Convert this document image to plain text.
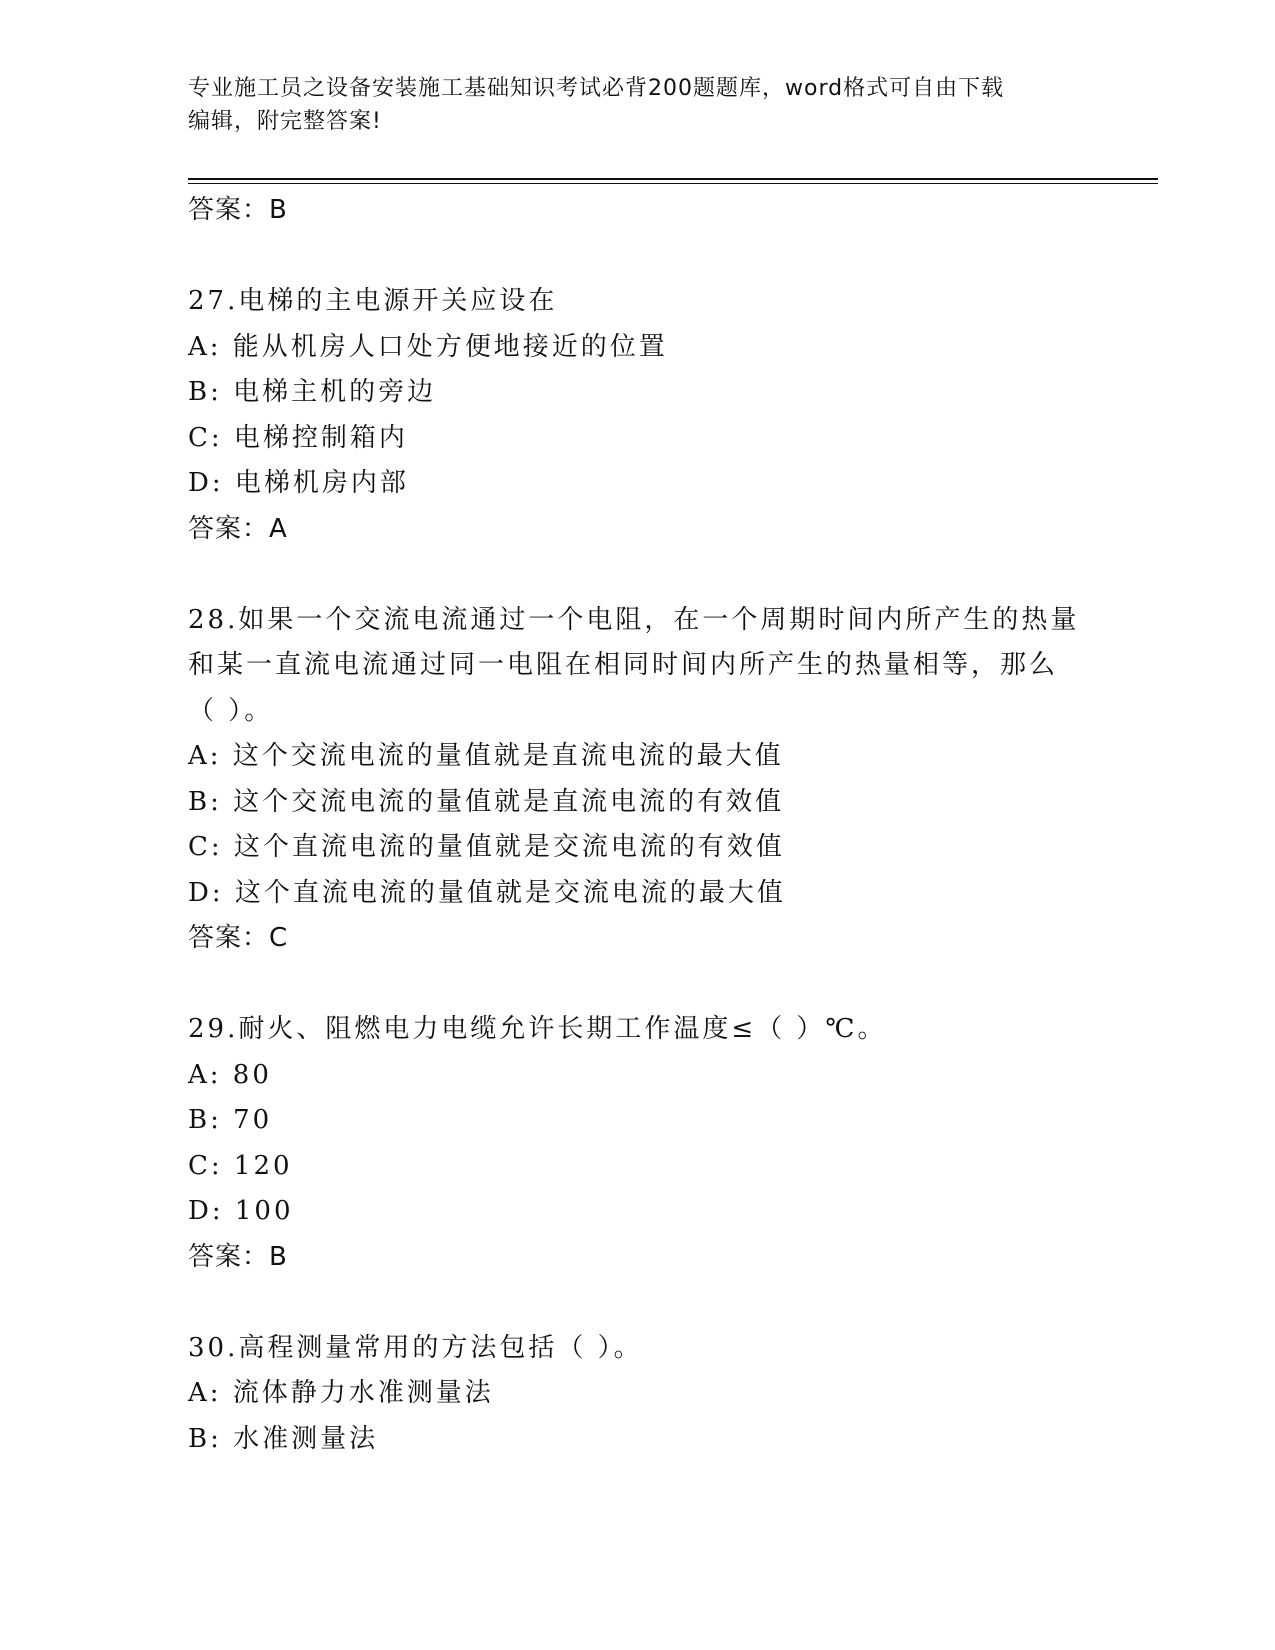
专业施工员之设备安装施工基础知识考试必背200题题库，word格式可自由下载
编辑，附完整答案!
答案：B
27.电梯的主电源开关应设在
A: 能从机房人口处方便地接近的位置
B: 电梯主机的旁边
C: 电梯控制箱内
D: 电梯机房内部
答案：A
28.如果一个交流电流通过一个电阻，在一个周期时间内所产生的热量
和某一直流电流通过同一电阻在相同时间内所产生的热量相等，那么
（ ）。
A: 这个交流电流的量值就是直流电流的最大值
B: 这个交流电流的量值就是直流电流的有效值
C: 这个直流电流的量值就是交流电流的有效值
D: 这个直流电流的量值就是交流电流的最大值
答案：C
29.耐火、阻燃电力电缆允许长期工作温度≤（ ）℃。
A: 80
B: 70
C: 120
D: 100
答案：B
30.高程测量常用的方法包括（ ）。
A: 流体静力水准测量法
B: 水准测量法
